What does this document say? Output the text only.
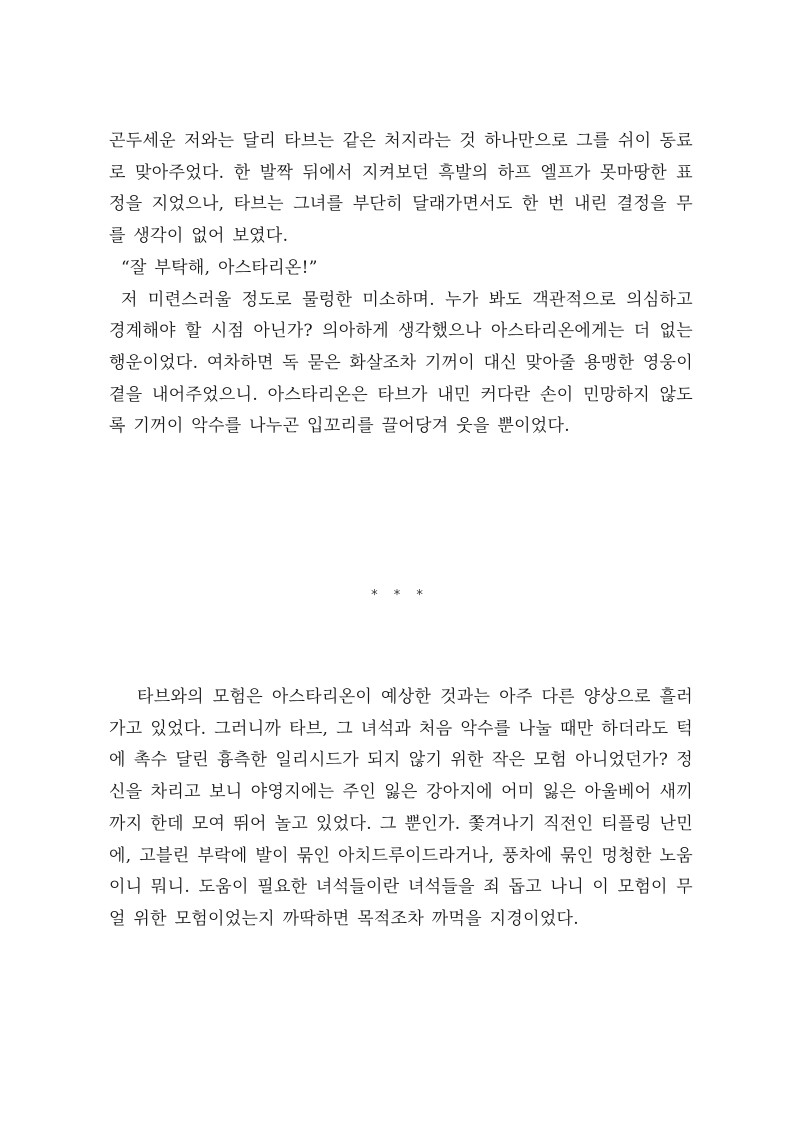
곤두세운 저와는 달리 타브는 같은 처지라는 것 하나만으로 그를 쉬이 동료로 맞아주었다. 한 발짝 뒤에서 지켜보던 흑발의 하프 엘프가 못마땅한 표정을 지었으나, 타브는 그녀를 부단히 달래가면서도 한 번 내린 결정을 무를 생각이 없어 보였다.

“잘 부탁해, 아스타리온!”

저 미련스러울 정도로 물렁한 미소하며. 누가 봐도 객관적으로 의심하고 경계해야 할 시점 아닌가? 의아하게 생각했으나 아스타리온에게는 더 없는 행운이었다. 여차하면 독 묻은 화살조차 기꺼이 대신 맞아줄 용맹한 영웅이 곁을 내어주었으니. 아스타리온은 타브가 내민 커다란 손이 민망하지 않도록 기꺼이 악수를 나누곤 입꼬리를 끌어당겨 웃을 뿐이었다.

* * *

타브와의 모험은 아스타리온이 예상한 것과는 아주 다른 양상으로 흘러가고 있었다. 그러니까 타브, 그 녀석과 처음 악수를 나눌 때만 하더라도 턱에 촉수 달린 흉측한 일리시드가 되지 않기 위한 작은 모험 아니었던가? 정신을 차리고 보니 야영지에는 주인 잃은 강아지에 어미 잃은 아울베어 새끼까지 한데 모여 뛰어 놀고 있었다. 그 뿐인가. 쫓겨나기 직전인 티플링 난민에, 고블린 부락에 발이 묶인 아치드루이드라거나, 풍차에 묶인 멍청한 노움이니 뭐니. 도움이 필요한 녀석들이란 녀석들을 죄 돕고 나니 이 모험이 무얼 위한 모험이었는지 까딱하면 목적조차 까먹을 지경이었다.
